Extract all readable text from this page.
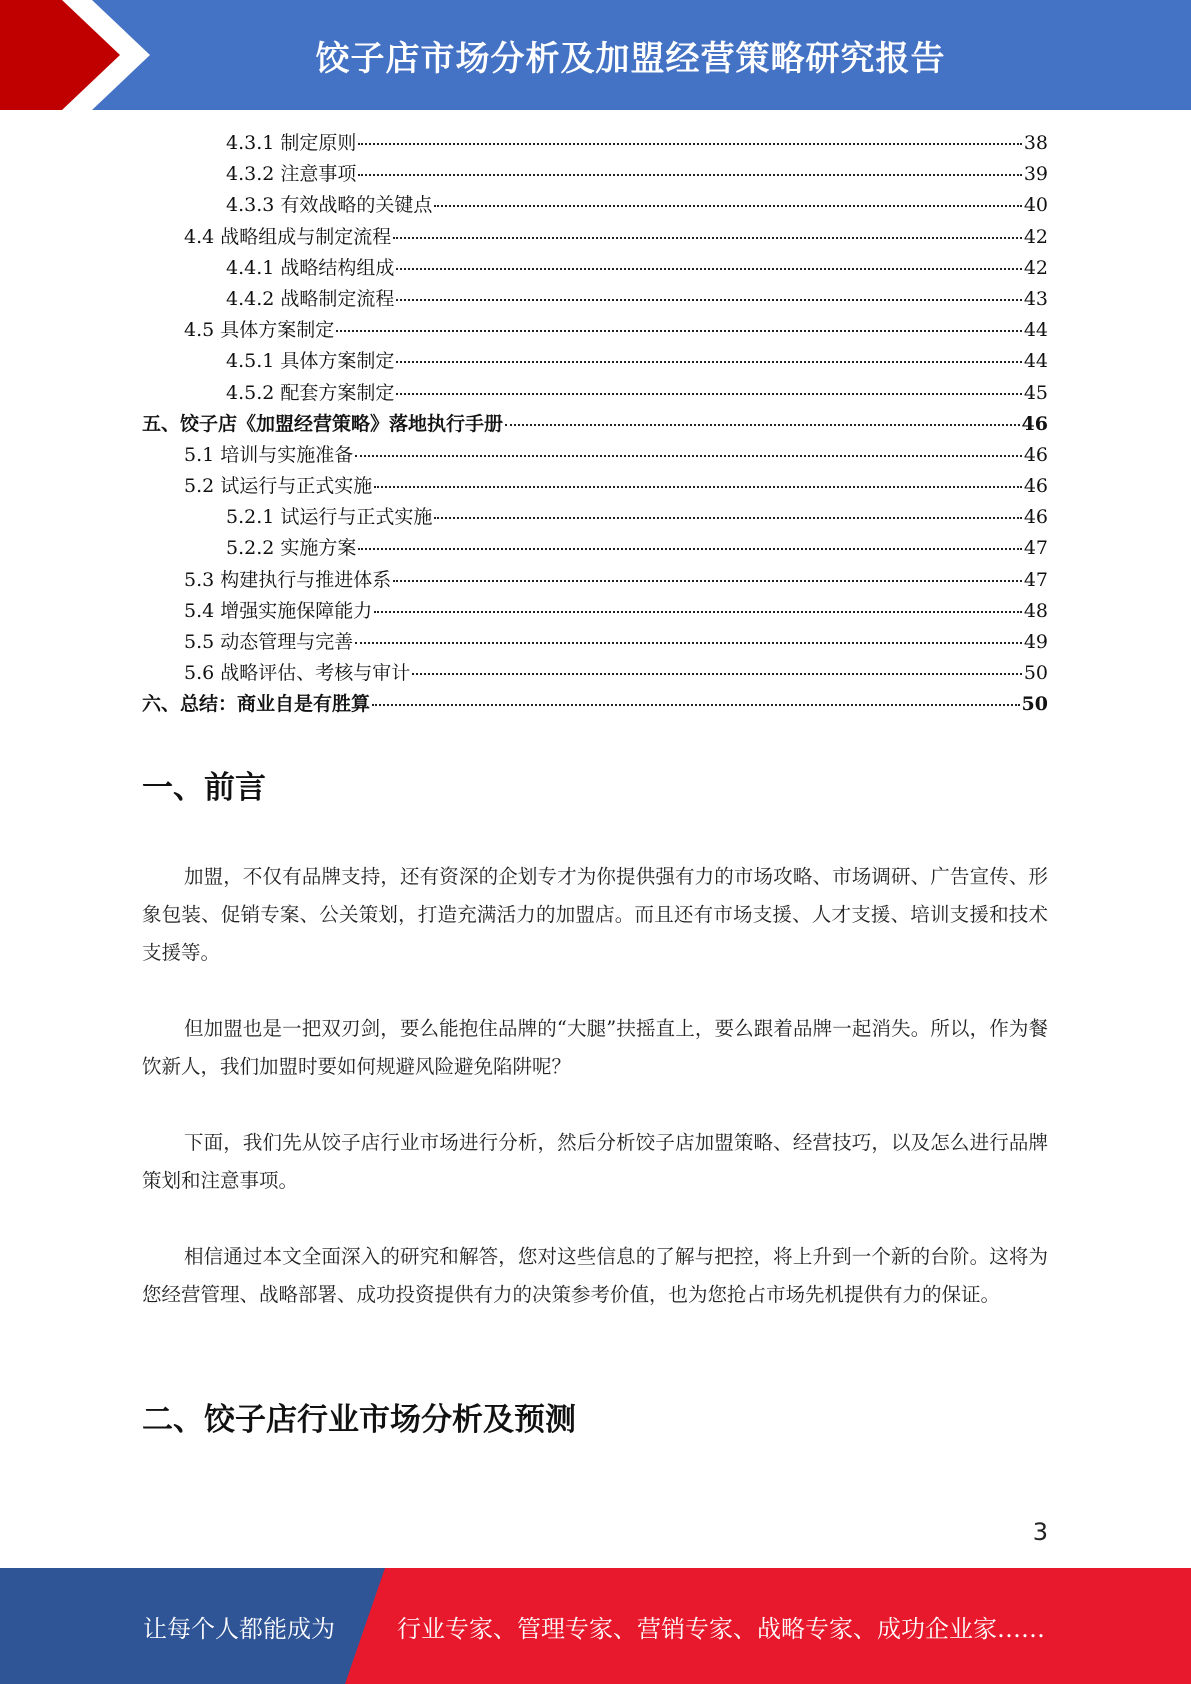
饺子店市场分析及加盟经营策略研究报告
4.3.1 制定原则	38
4.3.2 注意事项	39
4.3.3 有效战略的关键点	40
4.4 战略组成与制定流程	42
4.4.1 战略结构组成	42
4.4.2 战略制定流程	43
4.5 具体方案制定	44
4.5.1 具体方案制定	44
4.5.2 配套方案制定	45
五、饺子店《加盟经营策略》落地执行手册	46
5.1 培训与实施准备	46
5.2 试运行与正式实施	46
5.2.1 试运行与正式实施	46
5.2.2 实施方案	47
5.3 构建执行与推进体系	47
5.4 增强实施保障能力	48
5.5 动态管理与完善	49
5.6 战略评估、考核与审计	50
六、总结：商业自是有胜算	50
一、前言

加盟，不仅有品牌支持，还有资深的企划专才为你提供强有力的市场攻略、市场调研、广告宣传、形象包装、促销专案、公关策划，打造充满活力的加盟店。而且还有市场支援、人才支援、培训支援和技术支援等。

但加盟也是一把双刃剑，要么能抱住品牌的“大腿”扶摇直上，要么跟着品牌一起消失。所以，作为餐饮新人，我们加盟时要如何规避风险避免陷阱呢？

下面，我们先从饺子店行业市场进行分析，然后分析饺子店加盟策略、经营技巧，以及怎么进行品牌策划和注意事项。

相信通过本文全面深入的研究和解答，您对这些信息的了解与把控，将上升到一个新的台阶。这将为您经营管理、战略部署、成功投资提供有力的决策参考价值，也为您抢占市场先机提供有力的保证。

二、饺子店行业市场分析及预测
3
让每个人都能成为	行业专家、管理专家、营销专家、战略专家、成功企业家……
